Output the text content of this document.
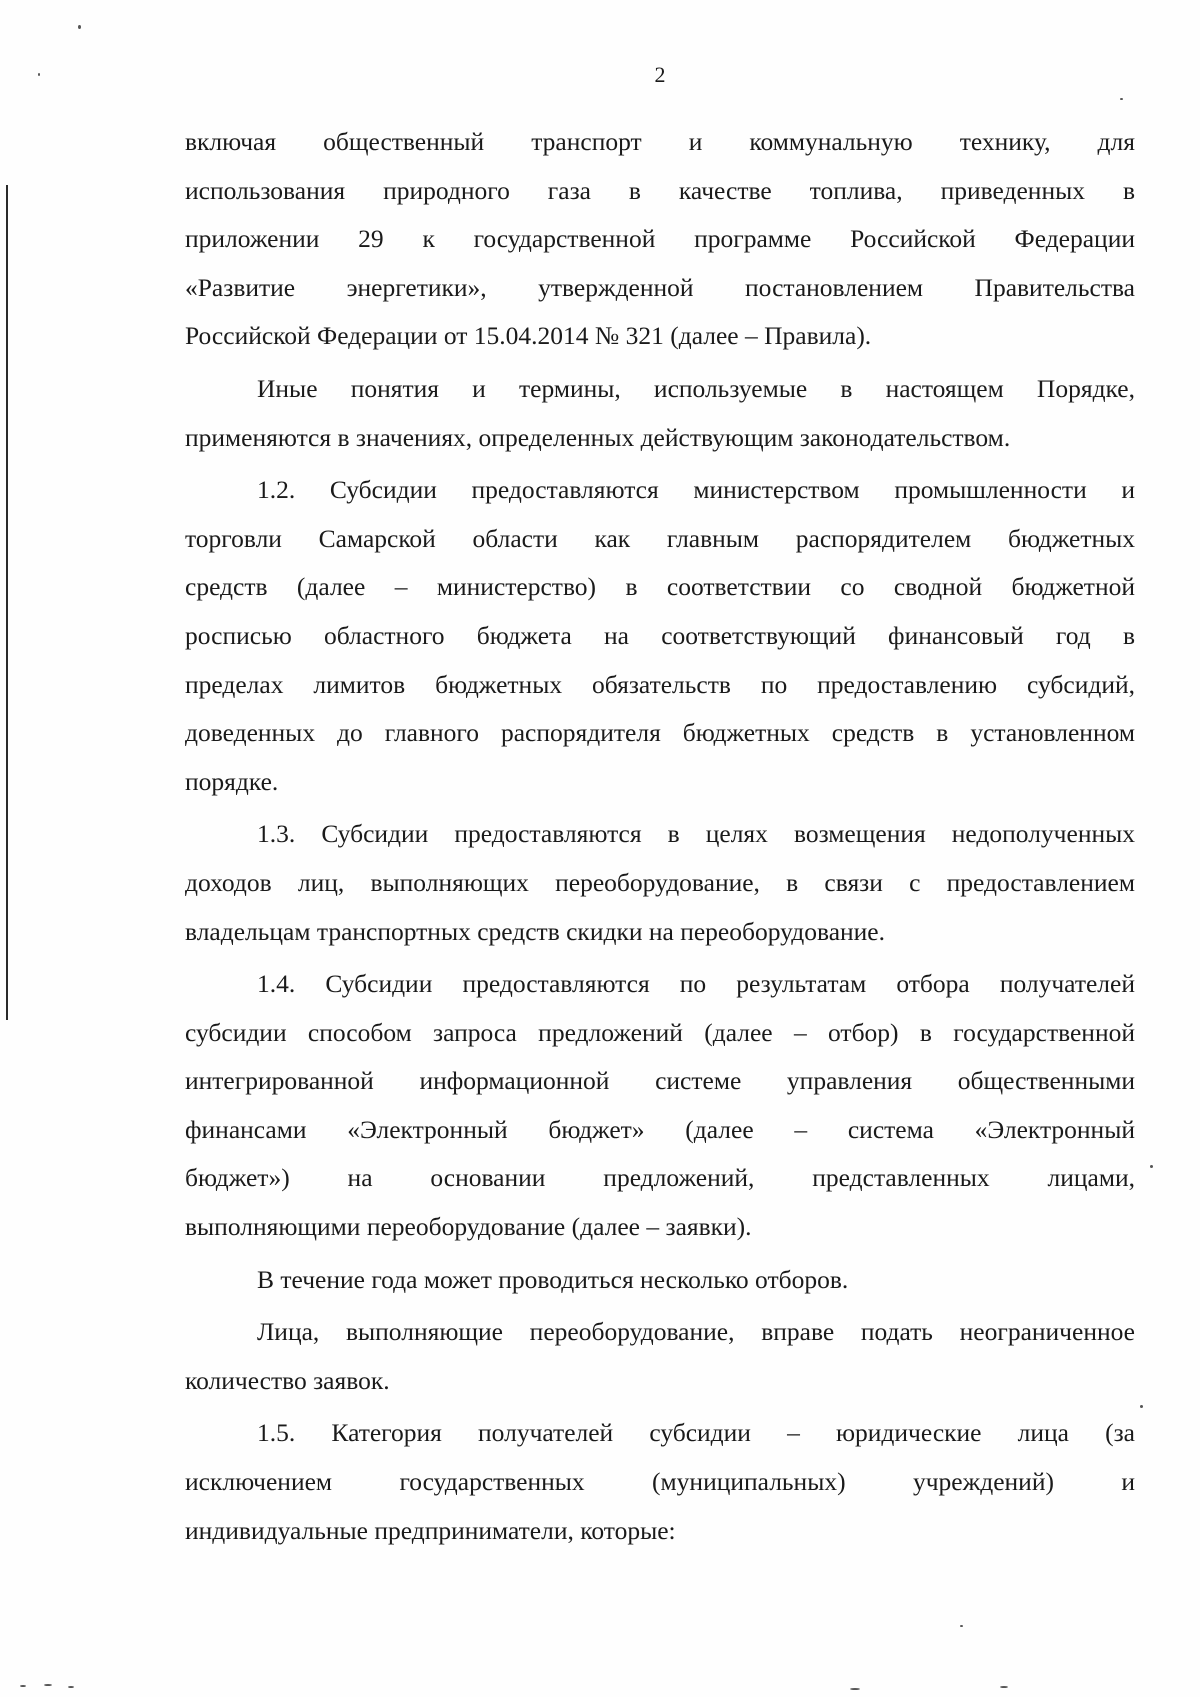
2

включая общественный транспорт и коммунальную технику, для
использования природного газа в качестве топлива, приведенных в
приложении 29 к государственной программе Российской Федерации
«Развитие энергетики», утвержденной постановлением Правительства
Российской Федерации от 15.04.2014 № 321 (далее – Правила).

Иные понятия и термины, используемые в настоящем Порядке,
применяются в значениях, определенных действующим законодательством.

1.2. Субсидии предоставляются министерством промышленности и
торговли Самарской области как главным распорядителем бюджетных
средств (далее – министерство) в соответствии со сводной бюджетной
росписью областного бюджета на соответствующий финансовый год в
пределах лимитов бюджетных обязательств по предоставлению субсидий,
доведенных до главного распорядителя бюджетных средств в установленном
порядке.

1.3. Субсидии предоставляются в целях возмещения недополученных
доходов лиц, выполняющих переоборудование, в связи с предоставлением
владельцам транспортных средств скидки на переоборудование.

1.4. Субсидии предоставляются по результатам отбора получателей
субсидии способом запроса предложений (далее – отбор) в государственной
интегрированной информационной системе управления общественными
финансами «Электронный бюджет» (далее – система «Электронный
бюджет») на основании предложений, представленных лицами,
выполняющими переоборудование (далее – заявки).

В течение года может проводиться несколько отборов.

Лица, выполняющие переоборудование, вправе подать неограниченное
количество заявок.

1.5. Категория получателей субсидии – юридические лица (за
исключением государственных (муниципальных) учреждений) и
индивидуальные предприниматели, которые:
